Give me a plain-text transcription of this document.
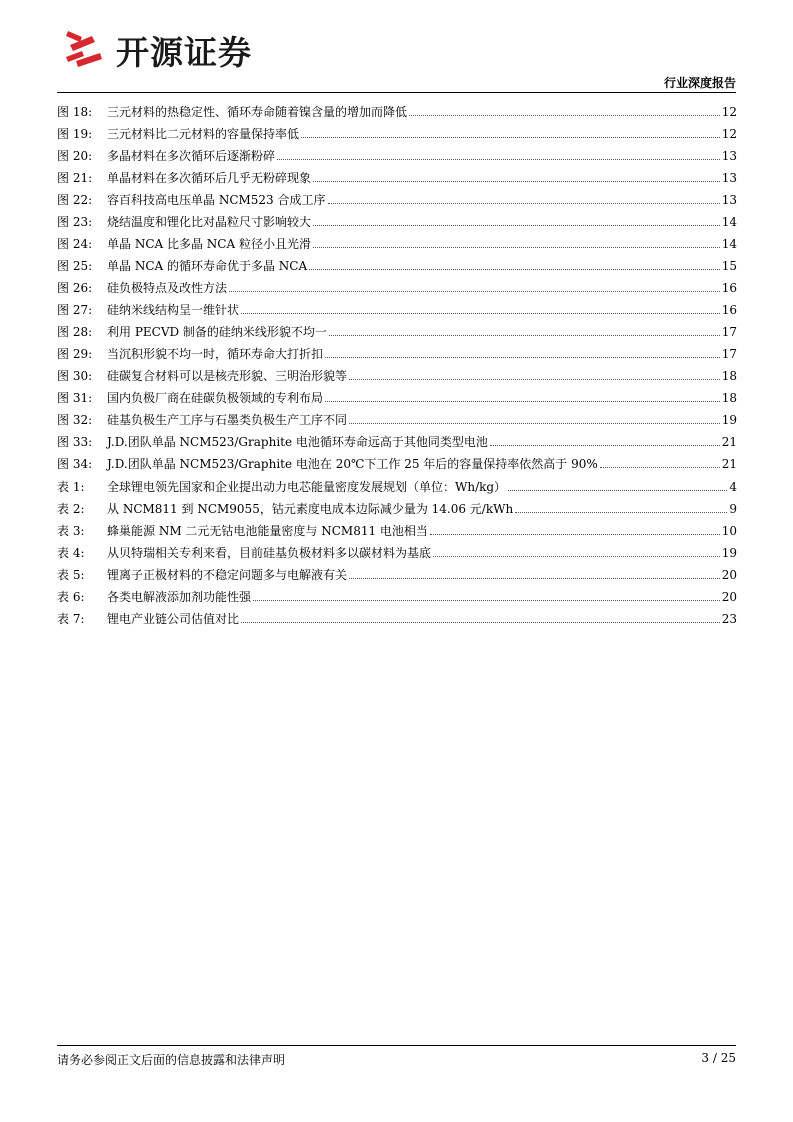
开源证券
行业深度报告
图 18:	三元材料的热稳定性、循环寿命随着镍含量的增加而降低	12
图 19:	三元材料比二元材料的容量保持率低	12
图 20:	多晶材料在多次循环后逐渐粉碎	13
图 21:	单晶材料在多次循环后几乎无粉碎现象	13
图 22:	容百科技高电压单晶 NCM523 合成工序	13
图 23:	烧结温度和锂化比对晶粒尺寸影响较大	14
图 24:	单晶 NCA 比多晶 NCA 粒径小且光滑	14
图 25:	单晶 NCA 的循环寿命优于多晶 NCA	15
图 26:	硅负极特点及改性方法	16
图 27:	硅纳米线结构呈一维针状	16
图 28:	利用 PECVD 制备的硅纳米线形貌不均一	17
图 29:	当沉积形貌不均一时，循环寿命大打折扣	17
图 30:	硅碳复合材料可以是核壳形貌、三明治形貌等	18
图 31:	国内负极厂商在硅碳负极领域的专利布局	18
图 32:	硅基负极生产工序与石墨类负极生产工序不同	19
图 33:	J.D.团队单晶 NCM523/Graphite 电池循环寿命远高于其他同类型电池	21
图 34:	J.D.团队单晶 NCM523/Graphite 电池在 20℃下工作 25 年后的容量保持率依然高于 90%	21
表 1:	全球锂电领先国家和企业提出动力电芯能量密度发展规划（单位：Wh/kg）	4
表 2:	从 NCM811 到 NCM9055，钴元素度电成本边际减少量为 14.06 元/kWh	9
表 3:	蜂巢能源 NM 二元无钴电池能量密度与 NCM811 电池相当	10
表 4:	从贝特瑞相关专利来看，目前硅基负极材料多以碳材料为基底	19
表 5:	锂离子正极材料的不稳定问题多与电解液有关	20
表 6:	各类电解液添加剂功能性强	20
表 7:	锂电产业链公司估值对比	23
请务必参阅正文后面的信息披露和法律声明	3 / 25
